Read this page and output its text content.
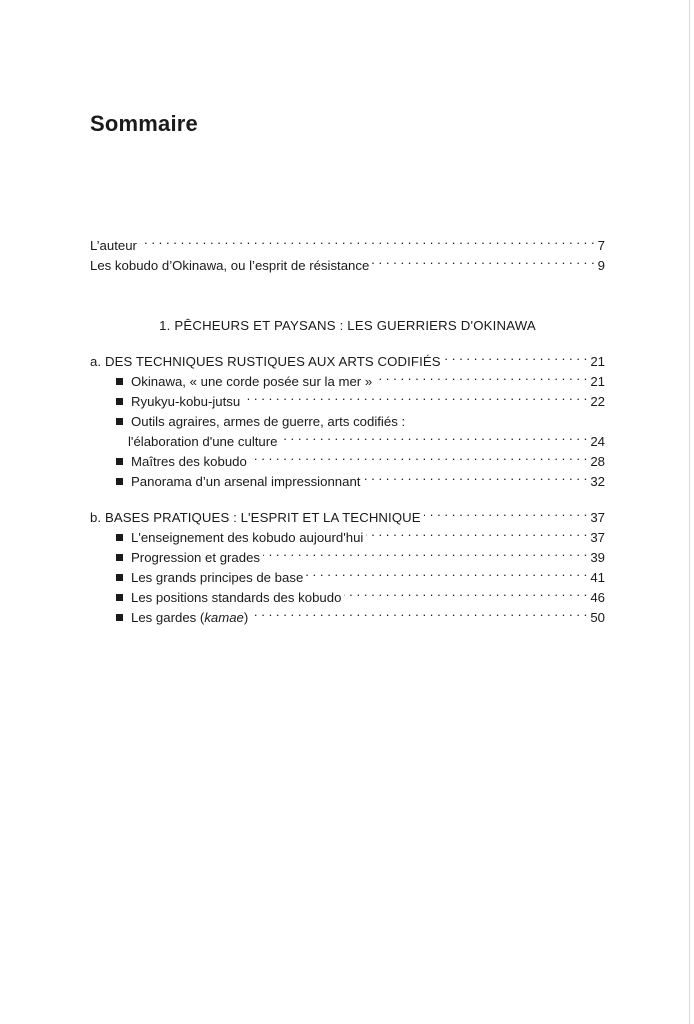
Sommaire
L’auteur . . .	7
Les kobudo d’Okinawa, ou l’esprit de résistance . . .	9
1. PÊCHEURS ET PAYSANS : LES GUERRIERS D'OKINAWA
a. DES TECHNIQUES RUSTIQUES AUX ARTS CODIFIÉS . . .	21
Okinawa, « une corde posée sur la mer » . . .	21
Ryukyu-kobu-jutsu . . .	22
Outils agraires, armes de guerre, arts codifiés :
l'élaboration d'une culture . . .	24
Maîtres des kobudo . . .	28
Panorama d’un arsenal impressionnant . . .	32
b. BASES PRATIQUES : L'ESPRIT ET LA TECHNIQUE . . .	37
L'enseignement des kobudo aujourd'hui . . .	37
Progression et grades . . .	39
Les grands principes de base . . .	41
Les positions standards des kobudo . . .	46
Les gardes (kamae) . . .	50
